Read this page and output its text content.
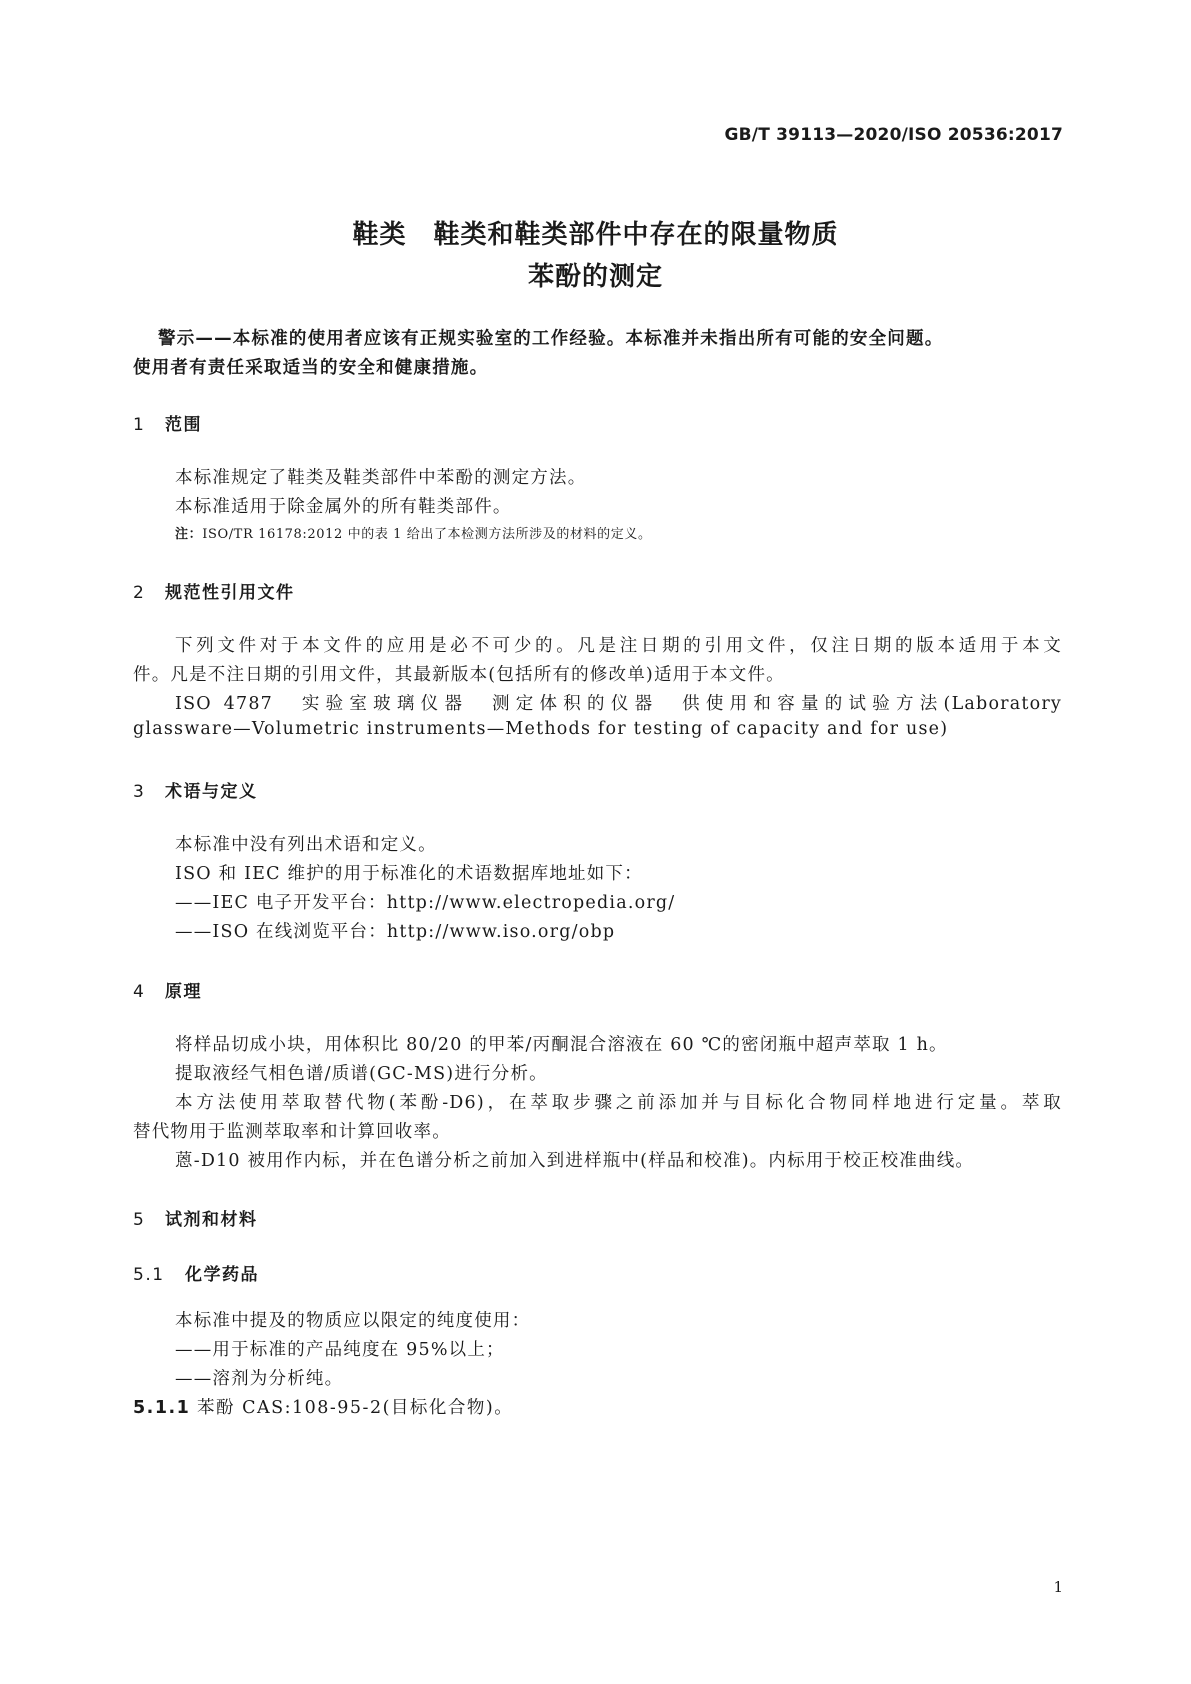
GB/T 39113—2020/ISO 20536:2017
鞋类　鞋类和鞋类部件中存在的限量物质
苯酚的测定
警示——本标准的使用者应该有正规实验室的工作经验。本标准并未指出所有可能的安全问题。
使用者有责任采取适当的安全和健康措施。
1 范围
本标准规定了鞋类及鞋类部件中苯酚的测定方法。
本标准适用于除金属外的所有鞋类部件。
注：ISO/TR 16178:2012 中的表 1 给出了本检测方法所涉及的材料的定义。
2 规范性引用文件
下列文件对于本文件的应用是必不可少的。凡是注日期的引用文件，仅注日期的版本适用于本文
件。凡是不注日期的引用文件，其最新版本(包括所有的修改单)适用于本文件。
ISO 4787　实验室玻璃仪器　测定体积的仪器　供使用和容量的试验方法(Laboratory
glassware—Volumetric instruments—Methods for testing of capacity and for use)
3 术语与定义
本标准中没有列出术语和定义。
ISO 和 IEC 维护的用于标准化的术语数据库地址如下：
——IEC 电子开发平台：http://www.electropedia.org/
——ISO 在线浏览平台：http://www.iso.org/obp
4 原理
将样品切成小块，用体积比 80/20 的甲苯/丙酮混合溶液在 60 ℃的密闭瓶中超声萃取 1 h。
提取液经气相色谱/质谱(GC-MS)进行分析。
本方法使用萃取替代物(苯酚-D6)，在萃取步骤之前添加并与目标化合物同样地进行定量。萃取
替代物用于监测萃取率和计算回收率。
蒽-D10 被用作内标，并在色谱分析之前加入到进样瓶中(样品和校准)。内标用于校正校准曲线。
5 试剂和材料
5.1 化学药品
本标准中提及的物质应以限定的纯度使用：
——用于标准的产品纯度在 95%以上；
——溶剂为分析纯。
5.1.1 苯酚 CAS:108-95-2(目标化合物)。
1
